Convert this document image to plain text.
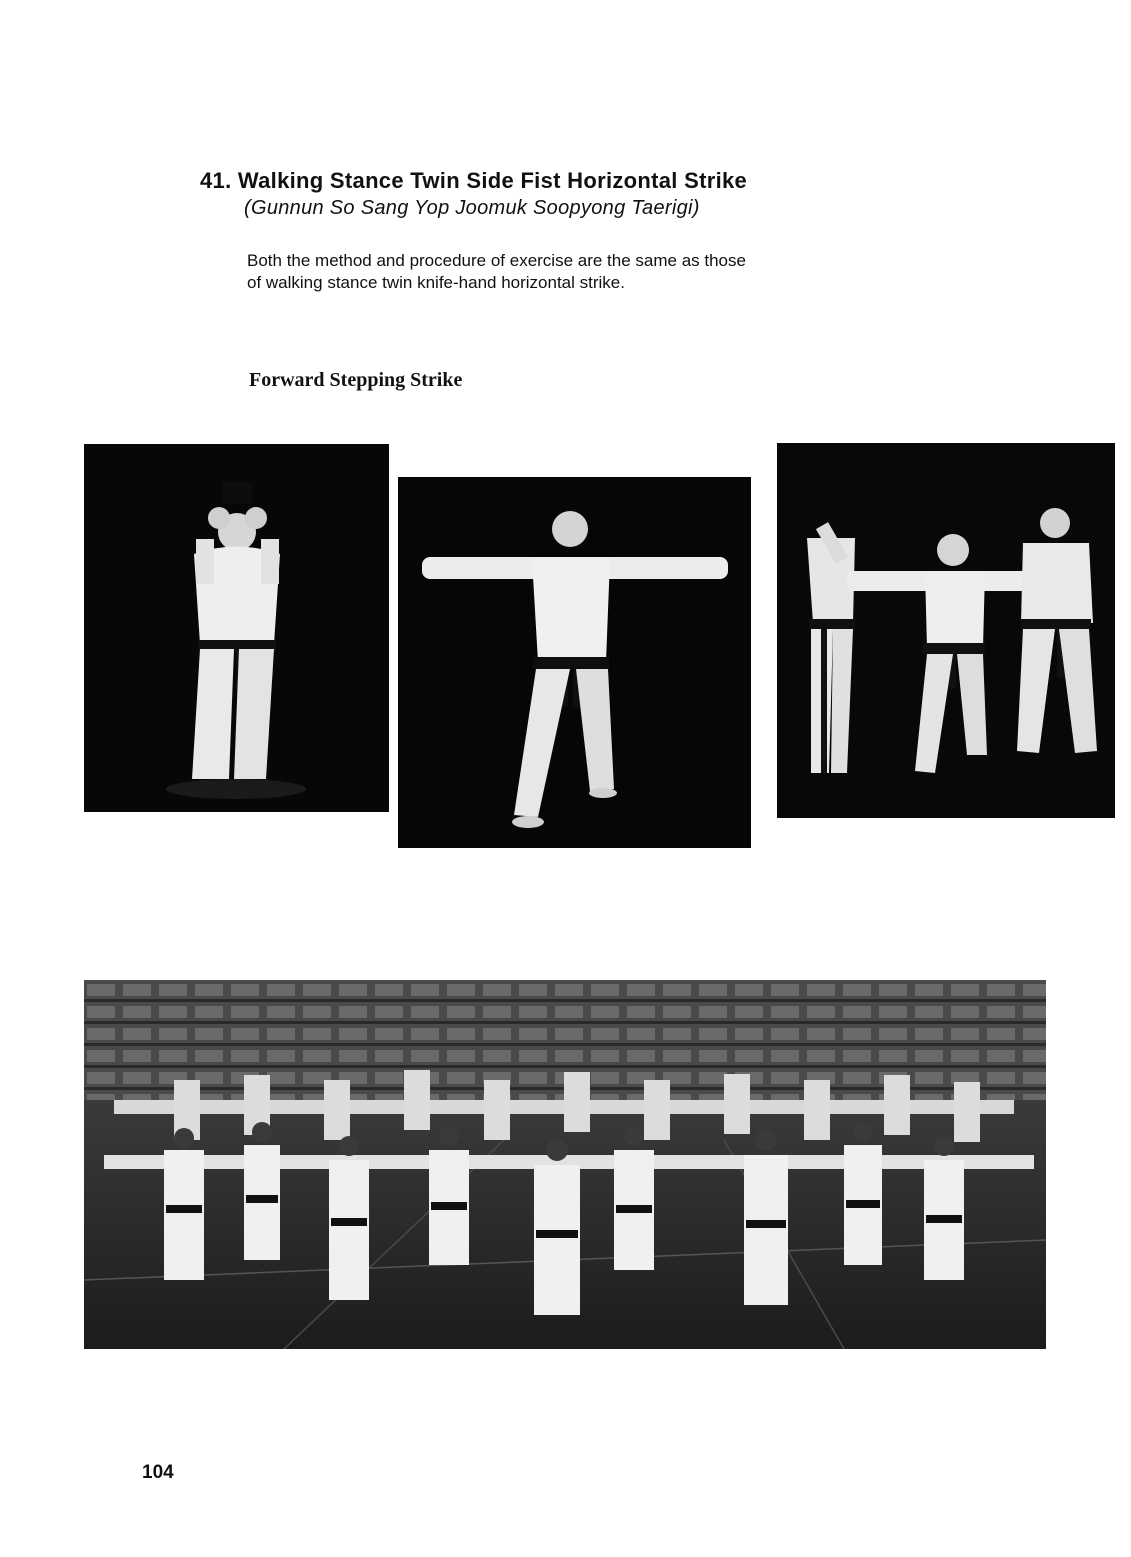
41. Walking Stance Twin Side Fist Horizontal Strike
(Gunnun So Sang Yop Joomuk Soopyong Taerigi)
Both the method and procedure of exercise are the same as those
of walking stance twin knife-hand horizontal strike.
Forward Stepping Strike
104
